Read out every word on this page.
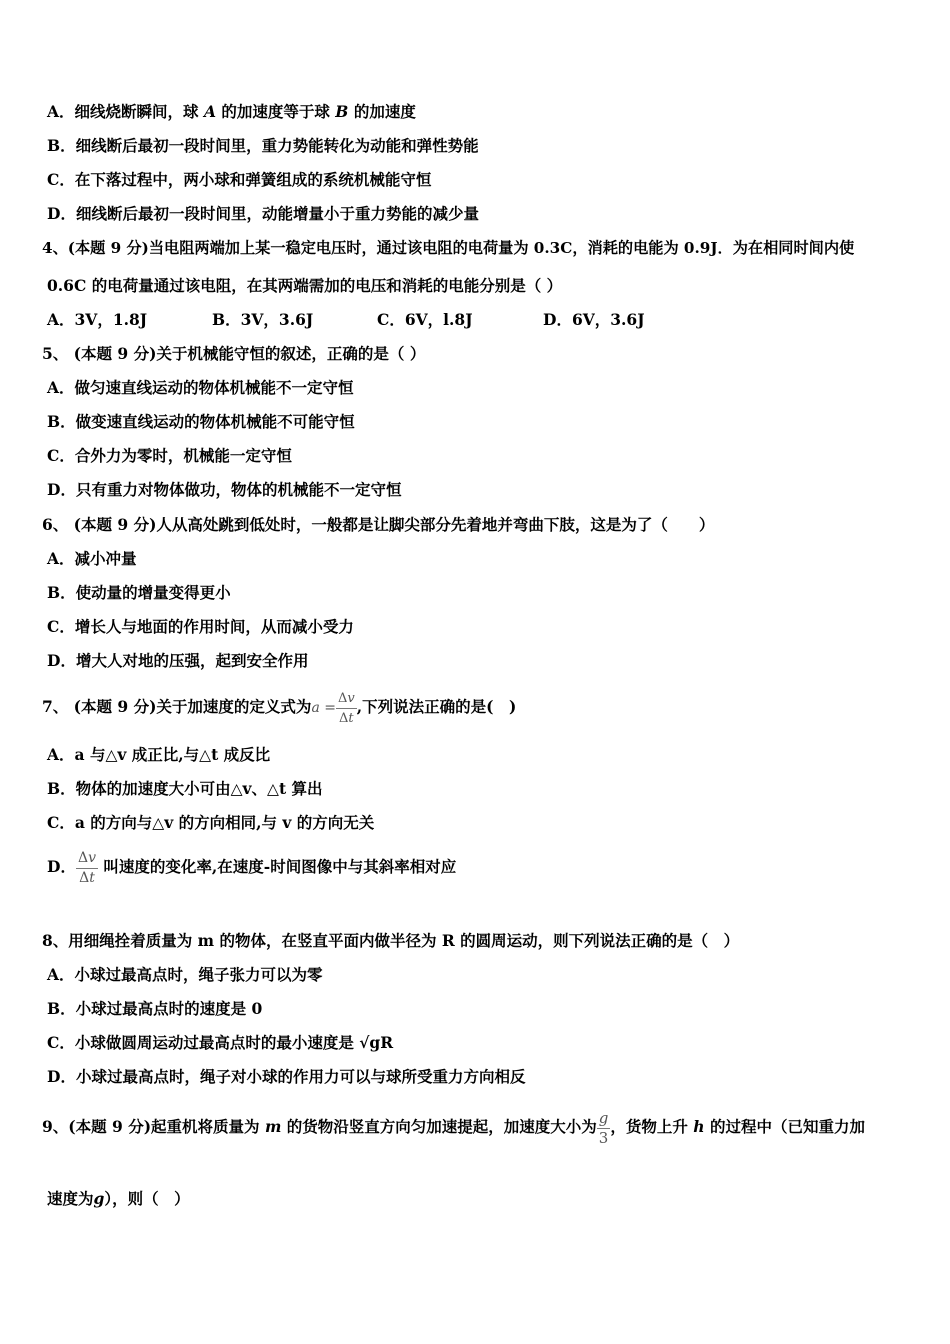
A．细线烧断瞬间，球 A 的加速度等于球 B 的加速度
B．细线断后最初一段时间里，重力势能转化为动能和弹性势能
C．在下落过程中，两小球和弹簧组成的系统机械能守恒
D．细线断后最初一段时间里，动能增量小于重力势能的减少量
4、(本题 9 分)当电阻两端加上某一稳定电压时，通过该电阻的电荷量为 0.3C，消耗的电能为 0.9J．为在相同时间内使
0.6C 的电荷量通过该电阻，在其两端需加的电压和消耗的电能分别是（ ）
A．3V，1.8J	B．3V，3.6J	C．6V，l.8J	D．6V，3.6J
5、 (本题 9 分)关于机械能守恒的叙述，正确的是（ ）
A．做匀速直线运动的物体机械能不一定守恒
B．做变速直线运动的物体机械能不可能守恒
C．合外力为零时，机械能一定守恒
D．只有重力对物体做功，物体的机械能不一定守恒
6、 (本题 9 分)人从高处跳到低处时，一般都是让脚尖部分先着地并弯曲下肢，这是为了（　　）
A．减小冲量
B．使动量的增量变得更小
C．增长人与地面的作用时间，从而减小受力
D．增大人对地的压强，起到安全作用
7、 (本题 9 分)关于加速度的定义式为$a = \frac{\Delta v}{\Delta t}$ ,下列说法正确的是(　)
A．a 与△v 成正比,与△t 成反比
B．物体的加速度大小可由△v、△t 算出
C．a 的方向与△v 的方向相同,与 v 的方向无关
D． $\frac{\Delta v}{\Delta t}$ 叫速度的变化率,在速度-时间图像中与其斜率相对应
8、用细绳拴着质量为 m 的物体，在竖直平面内做半径为 R 的圆周运动，则下列说法正确的是（　）
A．小球过最高点时，绳子张力可以为零
B．小球过最高点时的速度是 0
C．小球做圆周运动过最高点时的最小速度是 √gR
D．小球过最高点时，绳子对小球的作用力可以与球所受重力方向相反
9、(本题 9 分)起重机将质量为 m 的货物沿竖直方向匀加速提起，加速度大小为 $\frac{g}{3}$ ，货物上升 h 的过程中（已知重力加
速度为g），则（　）
